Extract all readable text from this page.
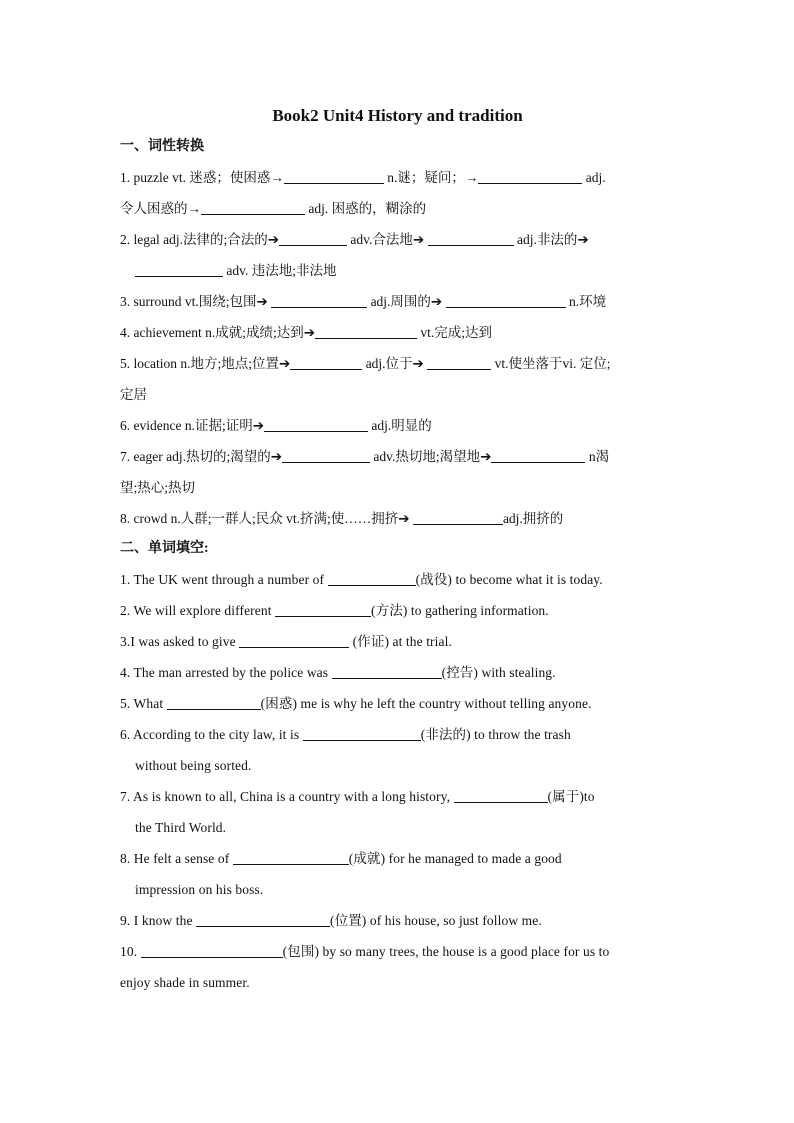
Book2 Unit4 History and tradition
一、词性转换
1. puzzle vt. 迷惑；使困惑→	n.谜；疑问；→	adj.
令人困惑的→	adj. 困惑的，糊涂的
2. legal adj.法律的;合法的➔	adv.合法地➔	adj.非法的➔
adv. 违法地;非法地
3. surround vt.围绕;包围➔	adj.周围的➔	n.环境
4. achievement n.成就;成绩;达到➔	vt.完成;达到
5. location n.地方;地点;位置➔	adj.位于➔	vt.使坐落于vi. 定位;
定居
6. evidence n.证据;证明➔	adj.明显的
7. eager adj.热切的;渴望的➔	adv.热切地;渴望地➔	n渴
望;热心;热切
8. crowd n.人群;一群人;民众 vt.挤满;使……拥挤➔	adj.拥挤的
二、单词填空:
1. The UK went through a number of	(战役) to become what it is today.
2. We will explore different	(方法) to gathering information.
3.I was asked to give	(作证) at the trial.
4. The man arrested by the police was	(控告) with stealing.
5. What	(困惑) me is why he left the country without telling anyone.
6. According to the city law, it is	(非法的) to throw the trash
without being sorted.
7. As is known to all, China is a country with a long history,	(属于)to
the Third World.
8. He felt a sense of	(成就) for he managed to made a good
impression on his boss.
9. I know the	(位置) of his house, so just follow me.
10.	(包围) by so many trees, the house is a good place for us to
enjoy shade in summer.
